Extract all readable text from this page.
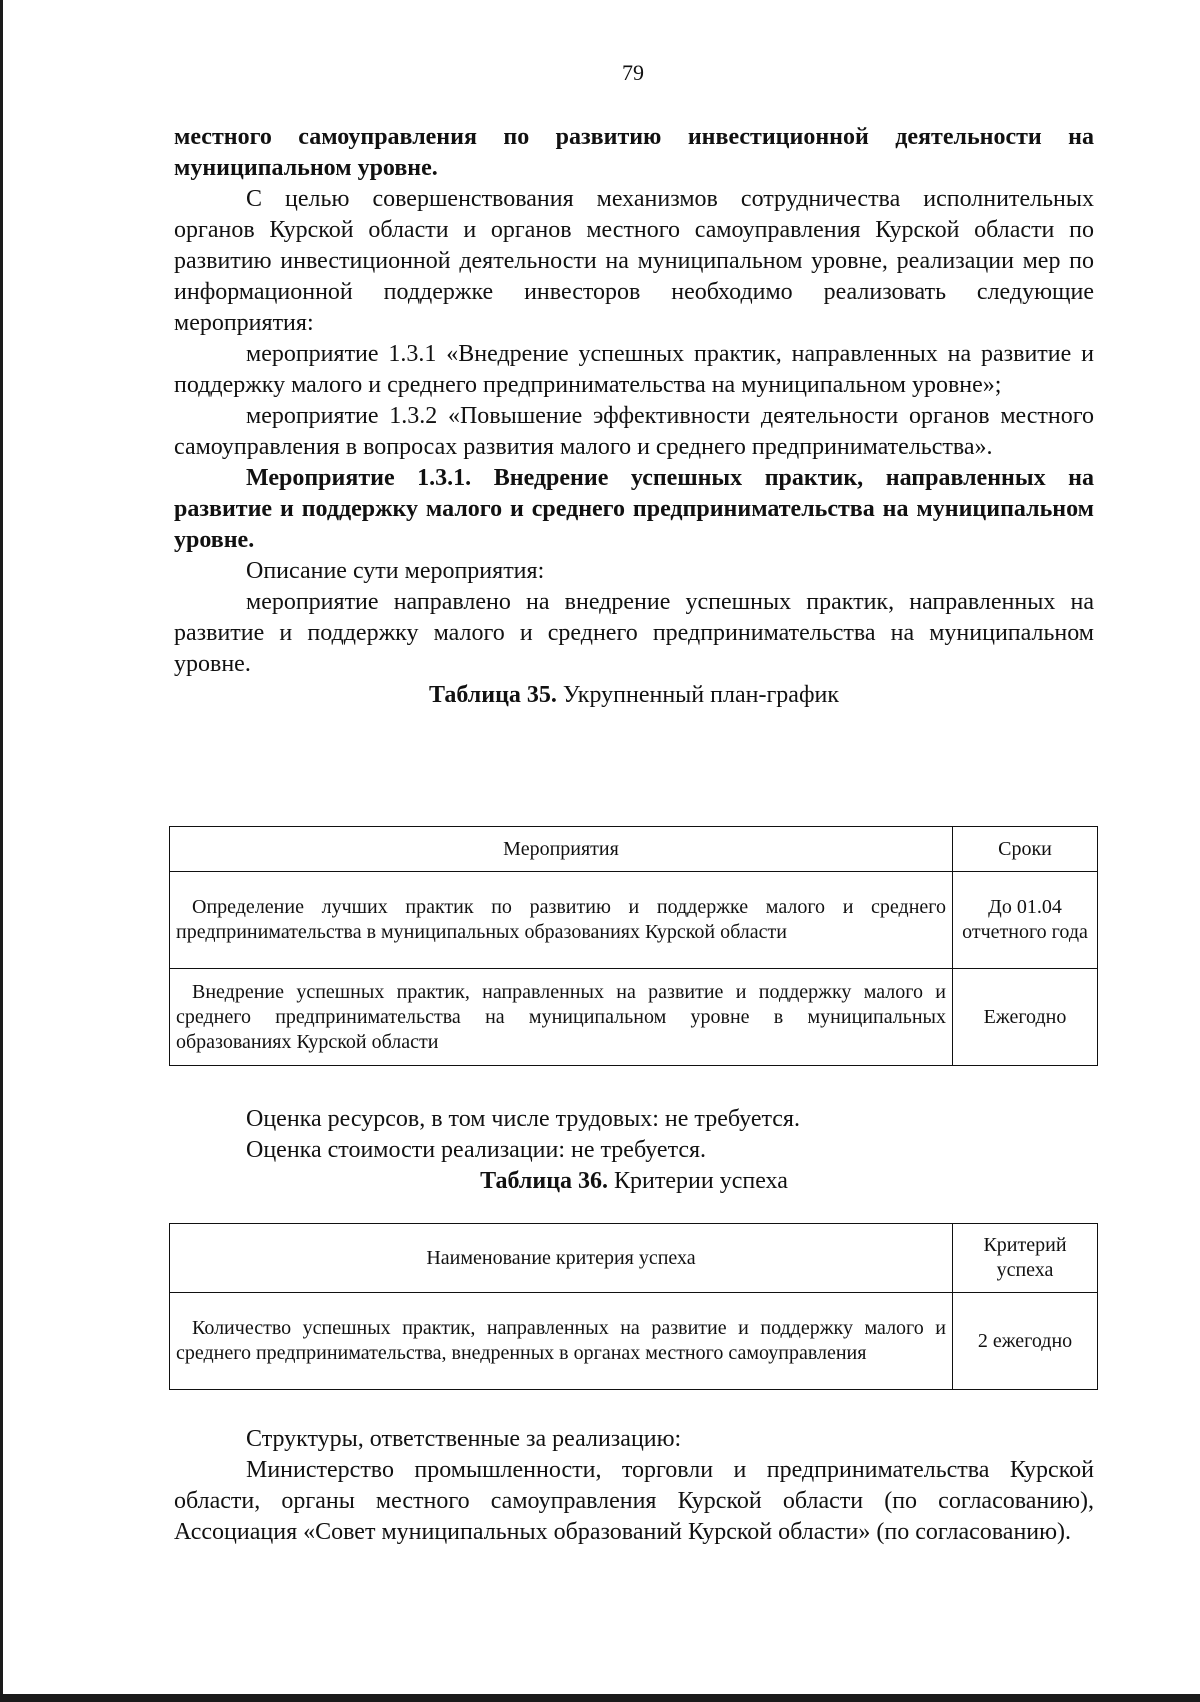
79

местного самоуправления по развитию инвестиционной деятельности на муниципальном уровне.

С целью совершенствования механизмов сотрудничества исполнительных органов Курской области и органов местного самоуправления Курской области по развитию инвестиционной деятельности на муниципальном уровне, реализации мер по информационной поддержке инвесторов необходимо реализовать следующие мероприятия:

мероприятие 1.3.1 «Внедрение успешных практик, направленных на развитие и поддержку малого и среднего предпринимательства на муниципальном уровне»;

мероприятие 1.3.2 «Повышение эффективности деятельности органов местного самоуправления в вопросах развития малого и среднего предпринимательства».

Мероприятие 1.3.1. Внедрение успешных практик, направленных на развитие и поддержку малого и среднего предпринимательства на муниципальном уровне.

Описание сути мероприятия:

мероприятие направлено на внедрение успешных практик, направленных на развитие и поддержку малого и среднего предпринимательства на муниципальном уровне.

Таблица 35. Укрупненный план-график

Мероприятия	Сроки
Определение лучших практик по развитию и поддержке малого и среднего предпринимательства в муниципальных образованиях Курской области	До 01.04 отчетного года
Внедрение успешных практик, направленных на развитие и поддержку малого и среднего предпринимательства на муниципальном уровне в муниципальных образованиях Курской области	Ежегодно

Оценка ресурсов, в том числе трудовых: не требуется.

Оценка стоимости реализации: не требуется.

Таблица 36. Критерии успеха

Наименование критерия успеха	Критерий успеха
Количество успешных практик, направленных на развитие и поддержку малого и среднего предпринимательства, внедренных в органах местного самоуправления	2 ежегодно

Структуры, ответственные за реализацию:

Министерство промышленности, торговли и предпринимательства Курской области, органы местного самоуправления Курской области (по согласованию), Ассоциация «Совет муниципальных образований Курской области» (по согласованию).
